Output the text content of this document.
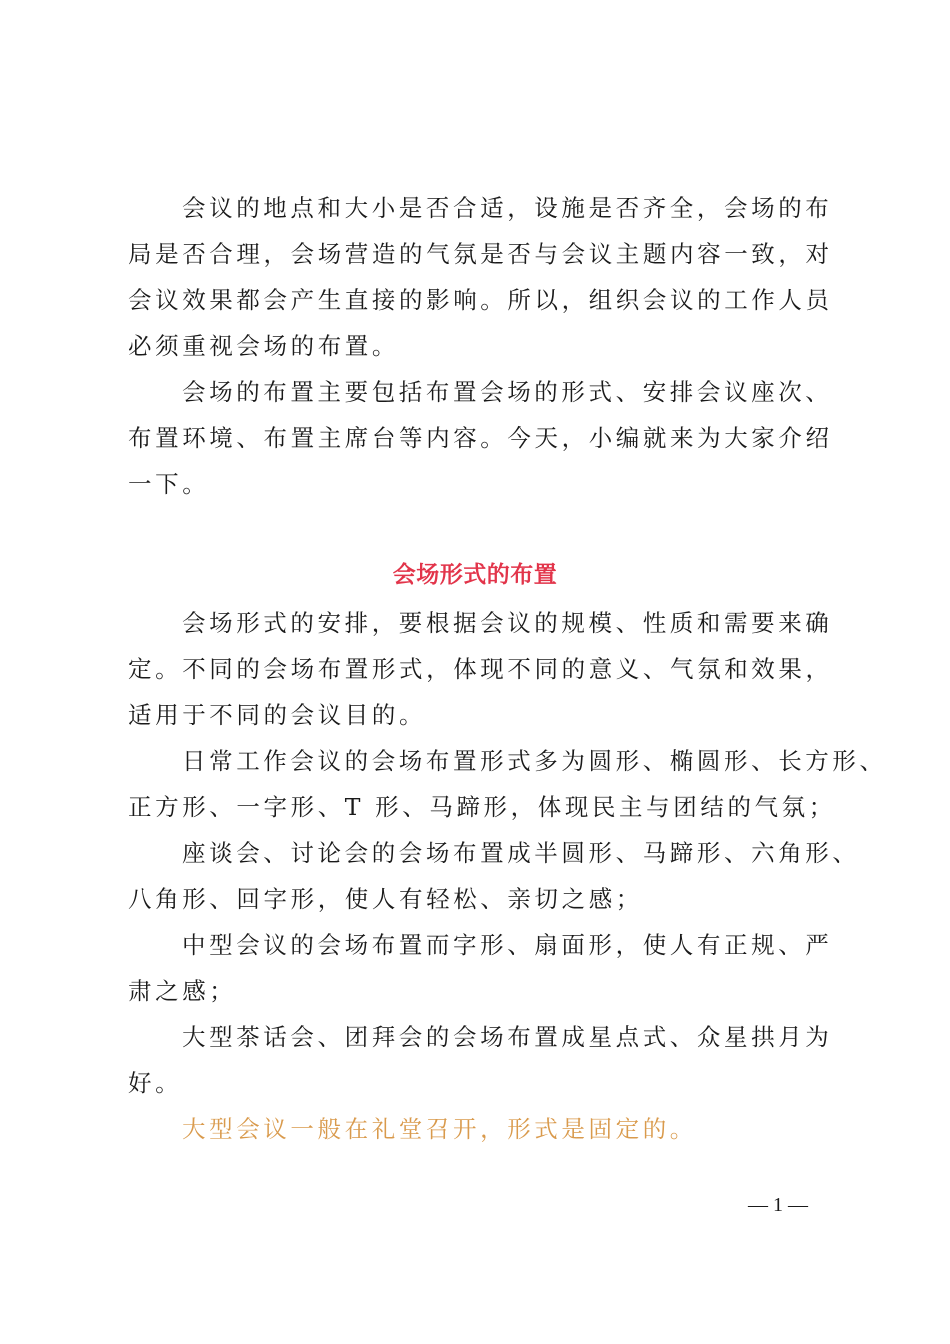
会议的地点和大小是否合适，设施是否齐全，会场的布
局是否合理，会场营造的气氛是否与会议主题内容一致，对
会议效果都会产生直接的影响。所以，组织会议的工作人员
必须重视会场的布置。
会场的布置主要包括布置会场的形式、安排会议座次、
布置环境、布置主席台等内容。今天，小编就来为大家介绍
一下。
会场形式的布置
会场形式的安排，要根据会议的规模、性质和需要来确
定。不同的会场布置形式，体现不同的意义、气氛和效果，
适用于不同的会议目的。
日常工作会议的会场布置形式多为圆形、椭圆形、长方形、
正方形、一字形、T 形、马蹄形，体现民主与团结的气氛；
座谈会、讨论会的会场布置成半圆形、马蹄形、六角形、
八角形、回字形，使人有轻松、亲切之感；
中型会议的会场布置而字形、扇面形，使人有正规、严
肃之感；
大型茶话会、团拜会的会场布置成星点式、众星拱月为
好。
大型会议一般在礼堂召开，形式是固定的。
— 1 —
